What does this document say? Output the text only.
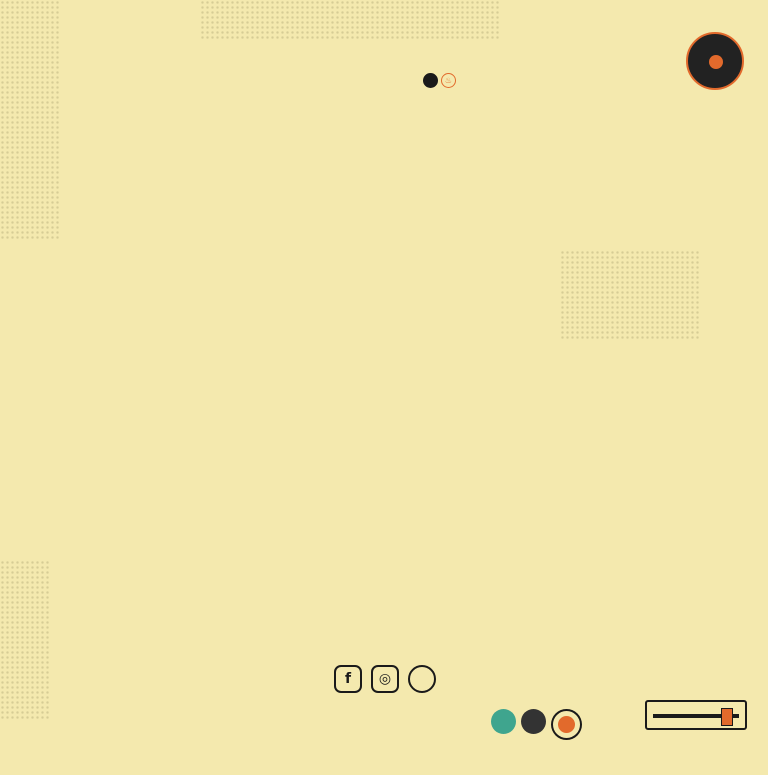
♨
f	◎
